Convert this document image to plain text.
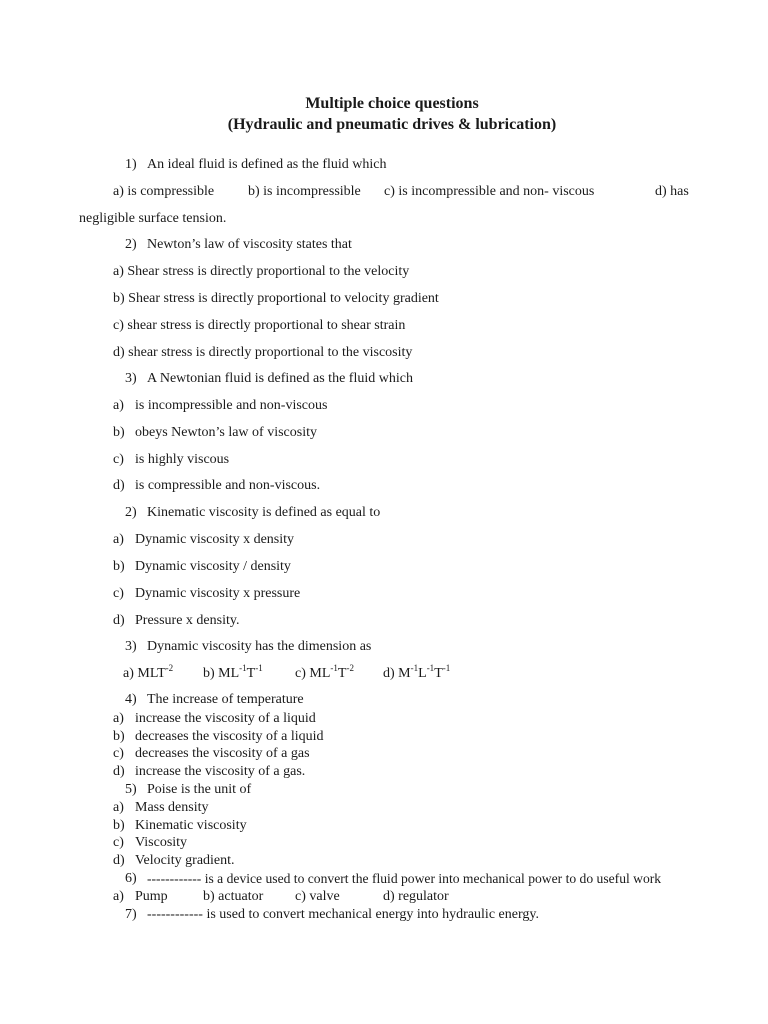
Multiple choice questions
(Hydraulic and pneumatic drives & lubrication)
1) An ideal fluid is defined as the fluid which
a) is compressible b) is incompressible c) is incompressible and non- viscous	d) has
negligible surface tension.
2) Newton’s law of viscosity states that
a) Shear stress is directly proportional to the velocity
b) Shear stress is directly proportional to velocity gradient
c) shear stress is directly proportional to shear strain
d) shear stress is directly proportional to the viscosity
3) A Newtonian fluid is defined as the fluid which
a) is incompressible and non-viscous
b) obeys Newton’s law of viscosity
c) is highly viscous
d) is compressible and non-viscous.
2) Kinematic viscosity is defined as equal to
a) Dynamic viscosity x density
b) Dynamic viscosity / density
c) Dynamic viscosity x pressure
d) Pressure x density.
3) Dynamic viscosity has the dimension as
a) $MLT^{-2}$ b) $ML^{-1}T^{-1}$ c) $ML^{-1}T^{-2}$ d) $M^{-1}L^{-1}T^{-1}$
4) The increase of temperature
a) increase the viscosity of a liquid
b) decreases the viscosity of a liquid
c) decreases the viscosity of a gas
d) increase the viscosity of a gas.
5) Poise is the unit of
a) Mass density
b) Kinematic viscosity
c) Viscosity
d) Velocity gradient.
6) ------------ is a device used to convert the fluid power into mechanical power to do useful work
a) Pump	b) actuator c) valve	d) regulator
7) ------------ is used to convert mechanical energy into hydraulic energy.
